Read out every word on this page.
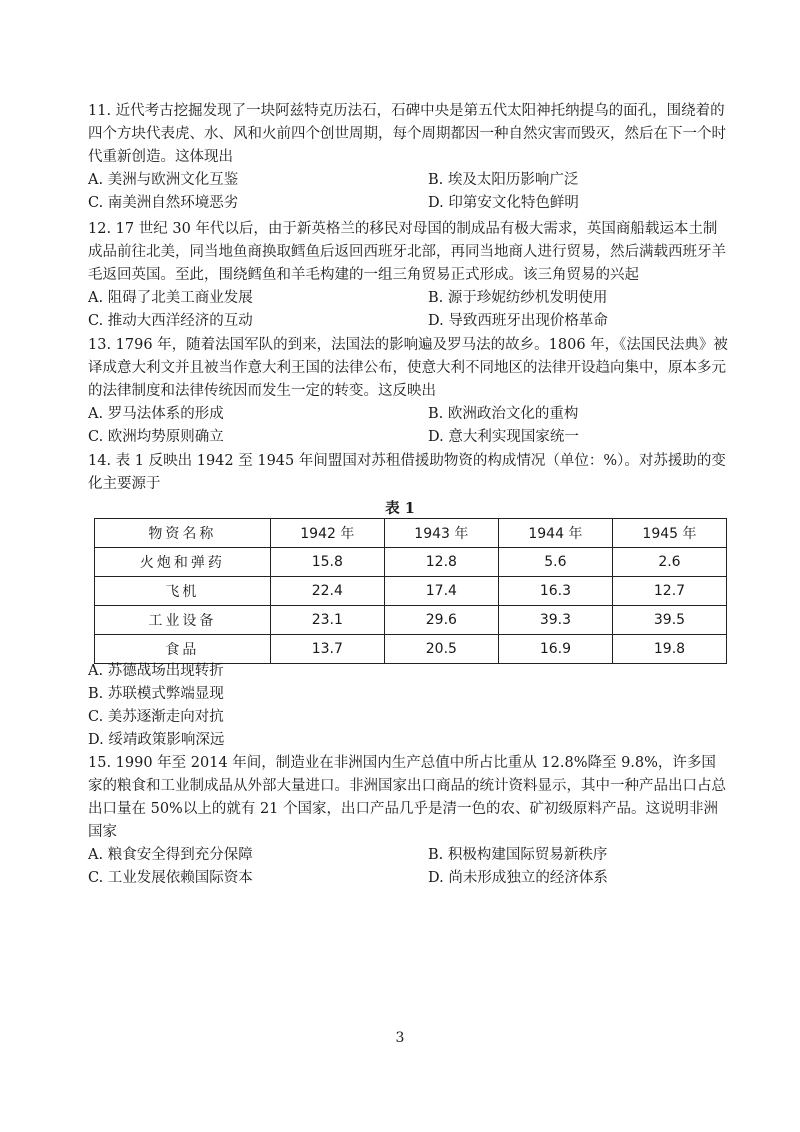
11. 近代考古挖掘发现了一块阿兹特克历法石，石碑中央是第五代太阳神托纳提乌的面孔，围绕着的四个方块代表虎、水、风和火前四个创世周期，每个周期都因一种自然灾害而毁灭，然后在下一个时代重新创造。这体现出
A. 美洲与欧洲文化互鉴	B. 埃及太阳历影响广泛
C. 南美洲自然环境恶劣	D. 印第安文化特色鲜明
12. 17 世纪 30 年代以后，由于新英格兰的移民对母国的制成品有极大需求，英国商船载运本土制成品前往北美，同当地鱼商换取鳕鱼后返回西班牙北部，再同当地商人进行贸易，然后满载西班牙羊毛返回英国。至此，围绕鳕鱼和羊毛构建的一组三角贸易正式形成。该三角贸易的兴起
A. 阻碍了北美工商业发展	B. 源于珍妮纺纱机发明使用
C. 推动大西洋经济的互动	D. 导致西班牙出现价格革命
13. 1796 年，随着法国军队的到来，法国法的影响遍及罗马法的故乡。1806 年，《法国民法典》被译成意大利文并且被当作意大利王国的法律公布，使意大利不同地区的法律开设趋向集中，原本多元的法律制度和法律传统因而发生一定的转变。这反映出
A. 罗马法体系的形成	B. 欧洲政治文化的重构
C. 欧洲均势原则确立	D. 意大利实现国家统一
14. 表 1 反映出 1942 至 1945 年间盟国对苏租借援助物资的构成情况（单位：%）。对苏援助的变化主要源于
表 1
物资名称	1942 年	1943 年	1944 年	1945 年
火炮和弹药	15.8	12.8	5.6	2.6
飞机	22.4	17.4	16.3	12.7
工业设备	23.1	29.6	39.3	39.5
食品	13.7	20.5	16.9	19.8
A. 苏德战场出现转折
B. 苏联模式弊端显现
C. 美苏逐渐走向对抗
D. 绥靖政策影响深远
15. 1990 年至 2014 年间，制造业在非洲国内生产总值中所占比重从 12.8%降至 9.8%，许多国家的粮食和工业制成品从外部大量进口。非洲国家出口商品的统计资料显示，其中一种产品出口占总出口量在 50%以上的就有 21 个国家，出口产品几乎是清一色的农、矿初级原料产品。这说明非洲国家
A. 粮食安全得到充分保障	B. 积极构建国际贸易新秩序
C. 工业发展依赖国际资本	D. 尚未形成独立的经济体系
3
